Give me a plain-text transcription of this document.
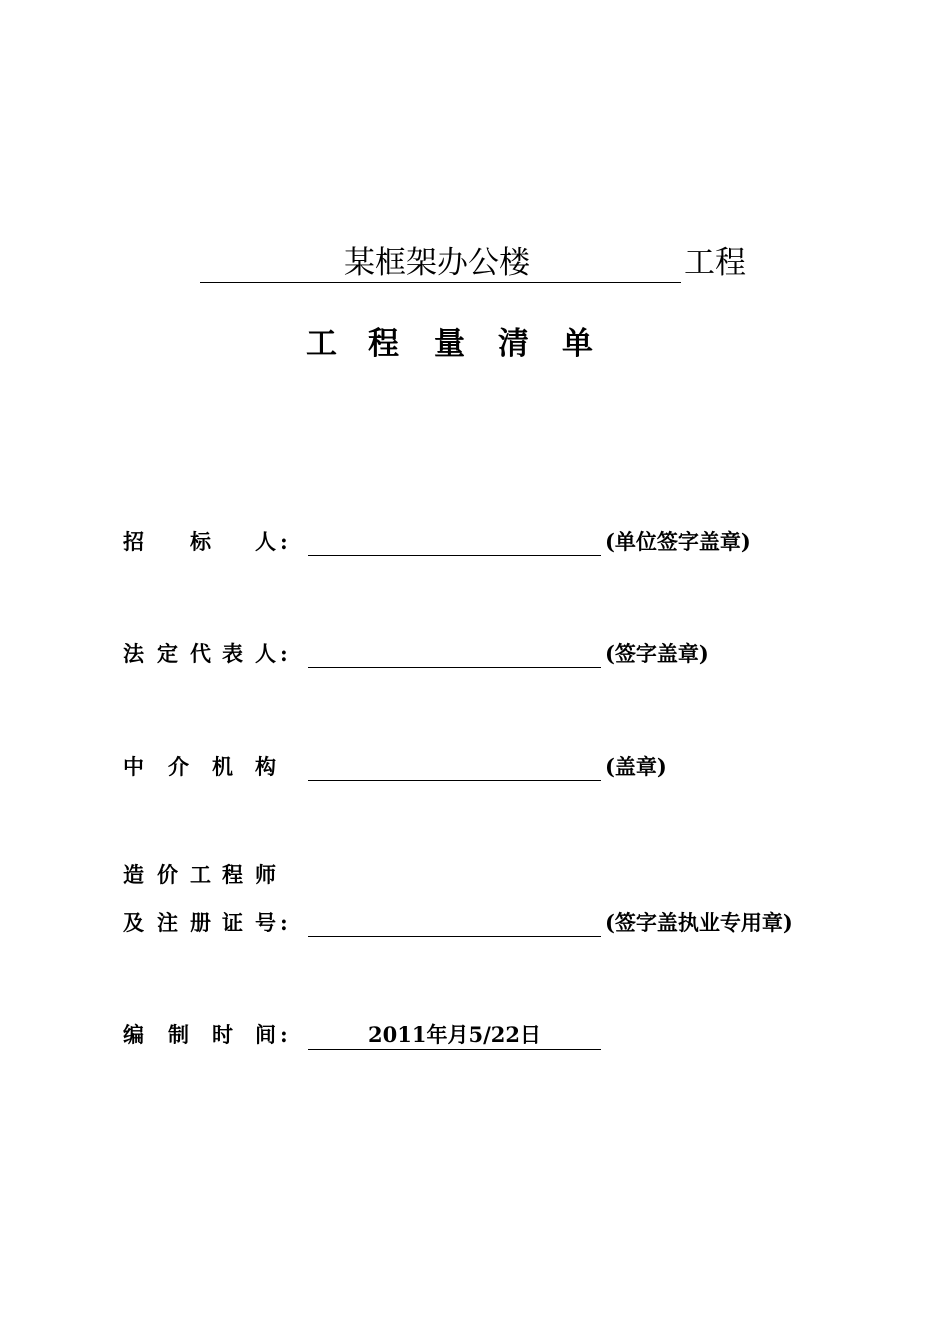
某框架办公楼	工程
工 程 量 清 单
招 标 人 :	(单位签字盖章)
法 定 代 表 人 :	(签字盖章)
中 介 机 构	(盖章)
造 价 工 程 师
及 注 册 证 号 :	(签字盖执业专用章)
编 制 时 间 :	2011年月5/22日
